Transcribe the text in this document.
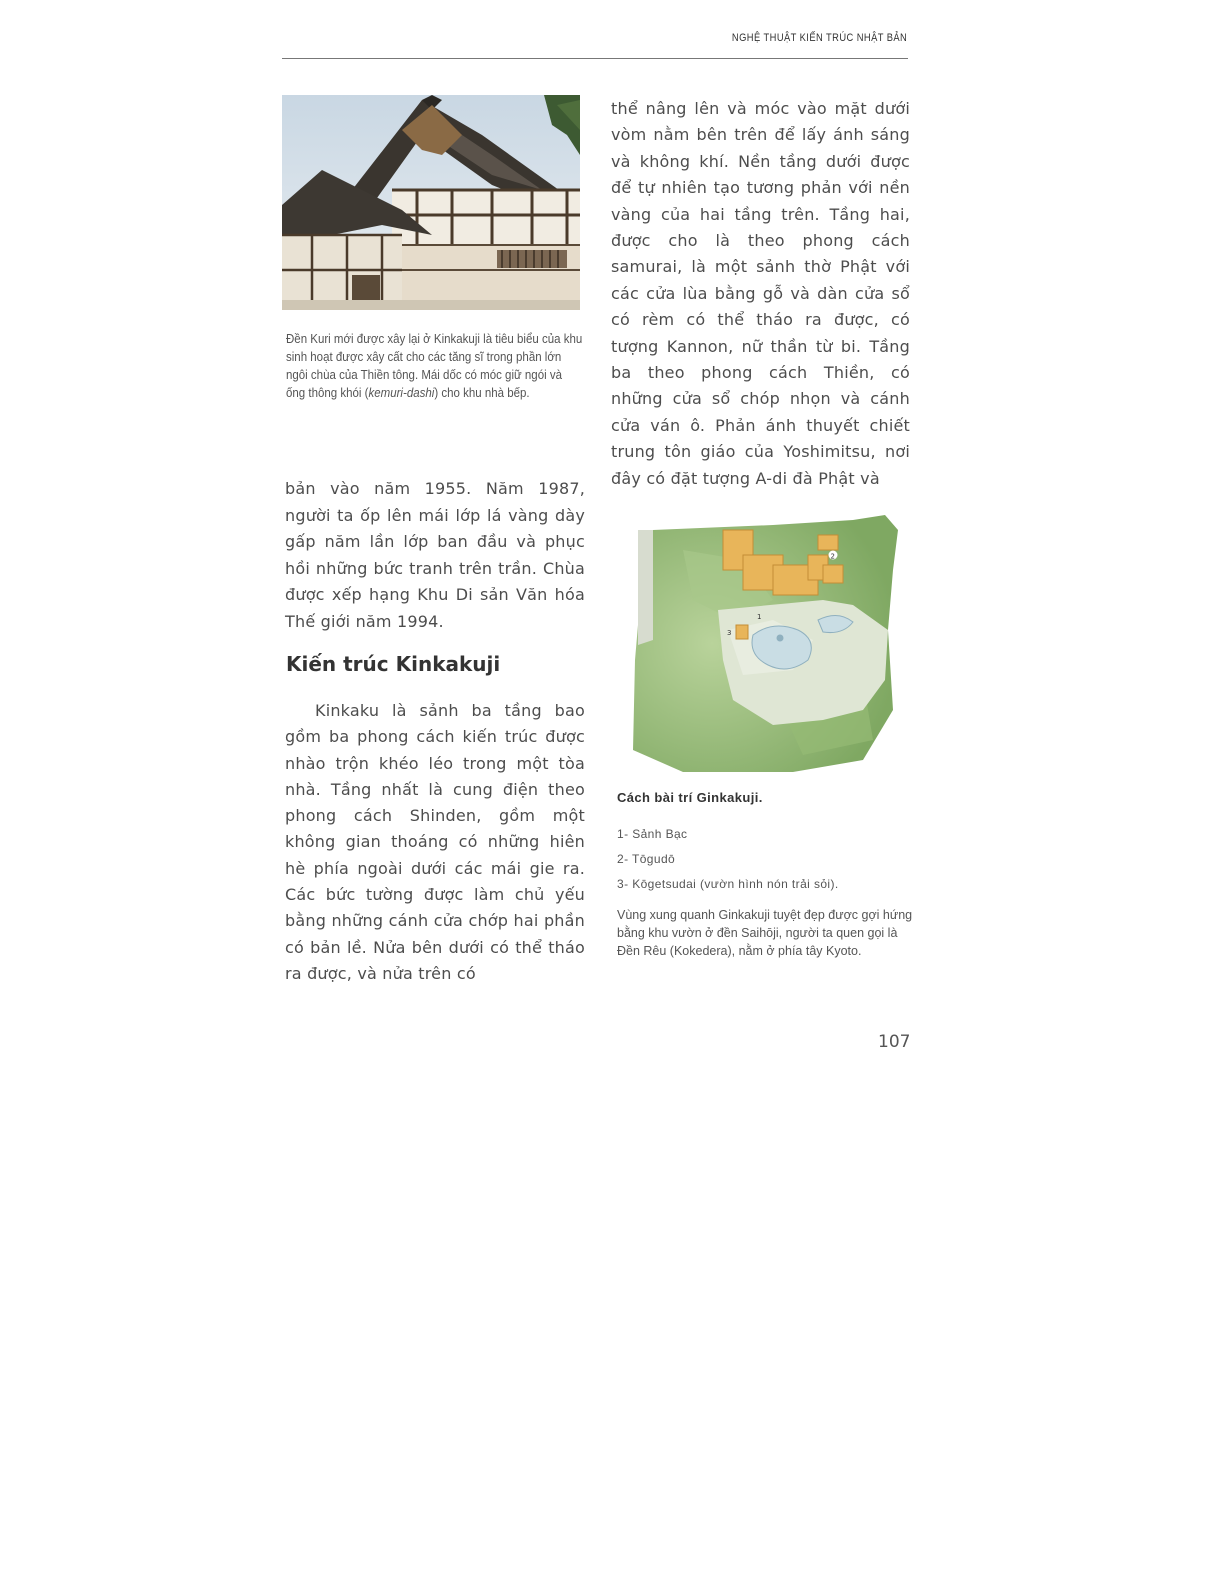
NGHỆ THUẬT KIẾN TRÚC NHẬT BẢN
Đền Kuri mới được xây lại ở Kinkakuji là tiêu biểu của khu sinh hoạt được xây cất cho các tăng sĩ trong phần lớn ngôi chùa của Thiền tông. Mái dốc có móc giữ ngói và ống thông khói (kemuri-dashi) cho khu nhà bếp.
bản vào năm 1955. Năm 1987, người ta ốp lên mái lớp lá vàng dày gấp năm lần lớp ban đầu và phục hồi những bức tranh trên trần. Chùa được xếp hạng Khu Di sản Văn hóa Thế giới năm 1994.
Kiến trúc Kinkakuji
Kinkaku là sảnh ba tầng bao gồm ba phong cách kiến trúc được nhào trộn khéo léo trong một tòa nhà. Tầng nhất là cung điện theo phong cách Shinden, gồm một không gian thoáng có những hiên hè phía ngoài dưới các mái gie ra. Các bức tường được làm chủ yếu bằng những cánh cửa chớp hai phần có bản lề. Nửa bên dưới có thể tháo ra được, và nửa trên có
thể nâng lên và móc vào mặt dưới vòm nằm bên trên để lấy ánh sáng và không khí. Nền tầng dưới được để tự nhiên tạo tương phản với nền vàng của hai tầng trên. Tầng hai, được cho là theo phong cách samurai, là một sảnh thờ Phật với các cửa lùa bằng gỗ và dàn cửa sổ có rèm có thể tháo ra được, có tượng Kannon, nữ thần từ bi. Tầng ba theo phong cách Thiền, có những cửa sổ chóp nhọn và cánh cửa ván ô. Phản ánh thuyết chiết trung tôn giáo của Yoshimitsu, nơi đây có đặt tượng A-di đà Phật và
2
1
3
Cách bài trí Ginkakuji.
1- Sảnh Bạc
2- Tōgudō
3- Kōgetsudai (vườn hình nón trải sỏi).
Vùng xung quanh Ginkakuji tuyệt đẹp được gợi hứng bằng khu vườn ở đền Saihōji, người ta quen gọi là Đền Rêu (Kokedera), nằm ở phía tây Kyoto.
107
